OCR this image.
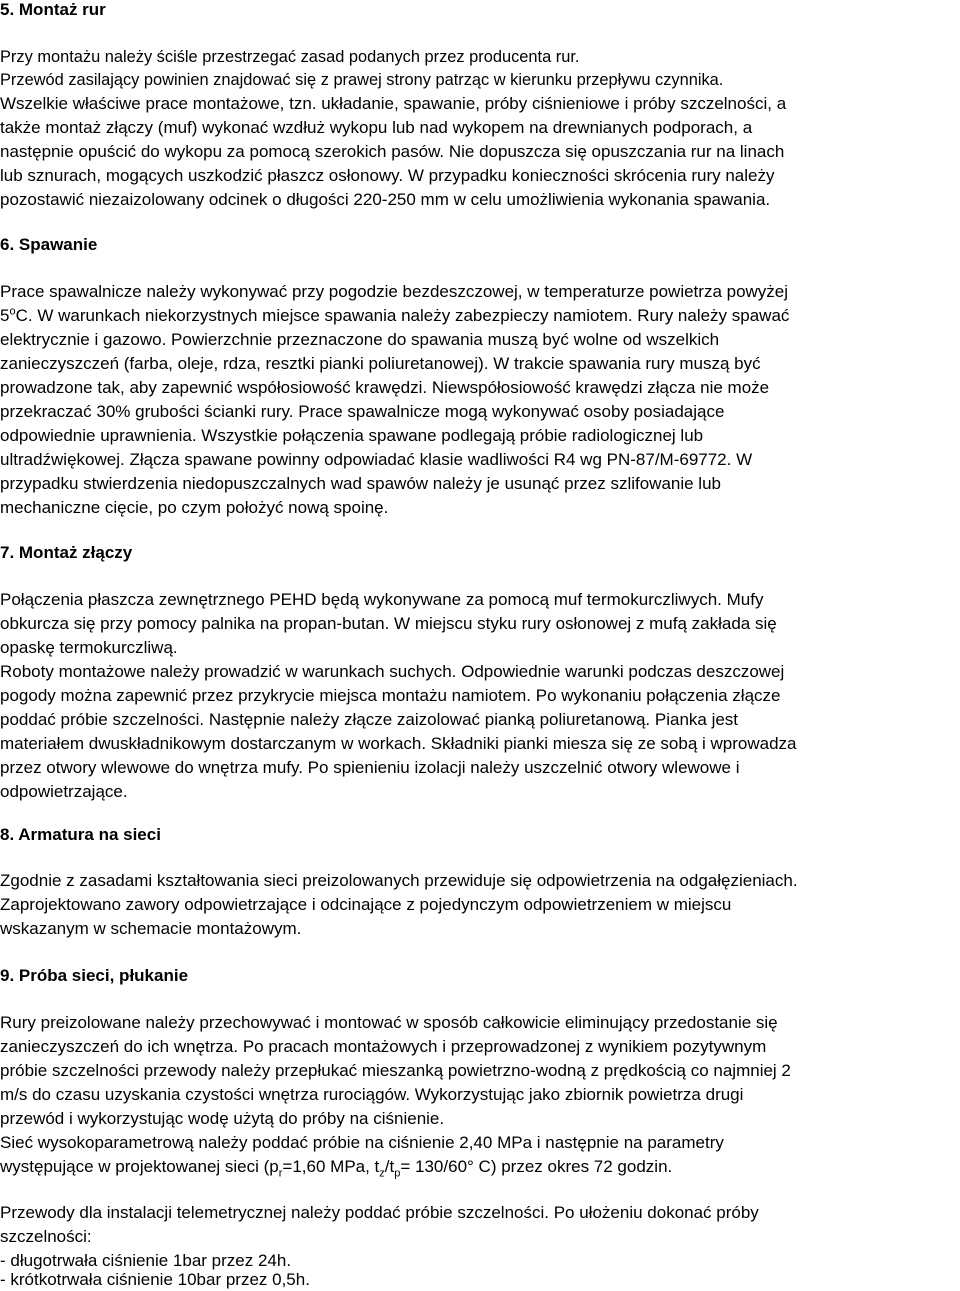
5. Montaż rur

Przy montażu należy ściśle przestrzegać zasad podanych przez producenta rur.

Przewód zasilający powinien znajdować się z prawej strony patrząc w kierunku przepływu czynnika.

Wszelkie właściwe prace montażowe, tzn. układanie, spawanie, próby ciśnieniowe i próby szczelności, a

także montaż złączy (muf) wykonać wzdłuż wykopu lub nad wykopem na drewnianych podporach, a

następnie opuścić do wykopu za pomocą szerokich pasów. Nie dopuszcza się opuszczania rur na linach

lub sznurach, mogących uszkodzić płaszcz osłonowy. W przypadku konieczności skrócenia rury należy

pozostawić niezaizolowany odcinek o długości 220-250 mm w celu umożliwienia wykonania spawania.

6. Spawanie

Prace spawalnicze należy wykonywać przy pogodzie bezdeszczowej, w temperaturze powietrza powyżej

5$^o$C. W warunkach niekorzystnych miejsce spawania należy zabezpieczy namiotem. Rury należy spawać

elektrycznie i gazowo. Powierzchnie przeznaczone do spawania muszą być wolne od wszelkich

zanieczyszczeń (farba, oleje, rdza, resztki pianki poliuretanowej). W trakcie spawania rury muszą być

prowadzone tak, aby zapewnić współosiowość krawędzi. Niewspółosiowość krawędzi złącza nie może

przekraczać 30% grubości ścianki rury. Prace spawalnicze mogą wykonywać osoby posiadające

odpowiednie uprawnienia. Wszystkie połączenia spawane podlegają próbie radiologicznej lub

ultradźwiękowej. Złącza spawane powinny odpowiadać klasie wadliwości R4 wg PN-87/M-69772. W

przypadku stwierdzenia niedopuszczalnych wad spawów należy je usunąć przez szlifowanie lub

mechaniczne cięcie, po czym położyć nową spoinę.

7. Montaż złączy

Połączenia płaszcza zewnętrznego PEHD będą wykonywane za pomocą muf termokurczliwych. Mufy

obkurcza się przy pomocy palnika na propan-butan. W miejscu styku rury osłonowej z mufą zakłada się

opaskę termokurczliwą.

Roboty montażowe należy prowadzić w warunkach suchych. Odpowiednie warunki podczas deszczowej

pogody można zapewnić przez przykrycie miejsca montażu namiotem. Po wykonaniu połączenia złącze

poddać próbie szczelności. Następnie należy złącze zaizolować pianką poliuretanową. Pianka jest

materiałem dwuskładnikowym dostarczanym w workach. Składniki pianki miesza się ze sobą i wprowadza

przez otwory wlewowe do wnętrza mufy. Po spienieniu izolacji należy uszczelnić otwory wlewowe i

odpowietrzające.

8. Armatura na sieci

Zgodnie z zasadami kształtowania sieci preizolowanych przewiduje się odpowietrzenia na odgałęzieniach.

Zaprojektowano zawory odpowietrzające i odcinające z pojedynczym odpowietrzeniem w miejscu

wskazanym w schemacie montażowym.

9. Próba sieci, płukanie

Rury preizolowane należy przechowywać i montować w sposób całkowicie eliminujący przedostanie się

zanieczyszczeń do ich wnętrza. Po pracach montażowych i przeprowadzonej z wynikiem pozytywnym

próbie szczelności przewody należy przepłukać mieszanką powietrzno-wodną z prędkością co najmniej 2

m/s do czasu uzyskania czystości wnętrza rurociągów. Wykorzystując jako zbiornik powietrza drugi

przewód i wykorzystując wodę użytą do próby na ciśnienie.

Sieć wysokoparametrową należy poddać próbie na ciśnienie 2,40 MPa i następnie na parametry

występujące w projektowanej sieci ($p_r=1,60$ MPa, $t_z/t_p= 130/60^\circ$ C) przez okres 72 godzin.

Przewody dla instalacji telemetrycznej należy poddać próbie szczelności. Po ułożeniu dokonać próby

szczelności:

- długotrwała ciśnienie 1bar przez 24h.

- krótkotrwała ciśnienie 10bar przez 0,5h.
